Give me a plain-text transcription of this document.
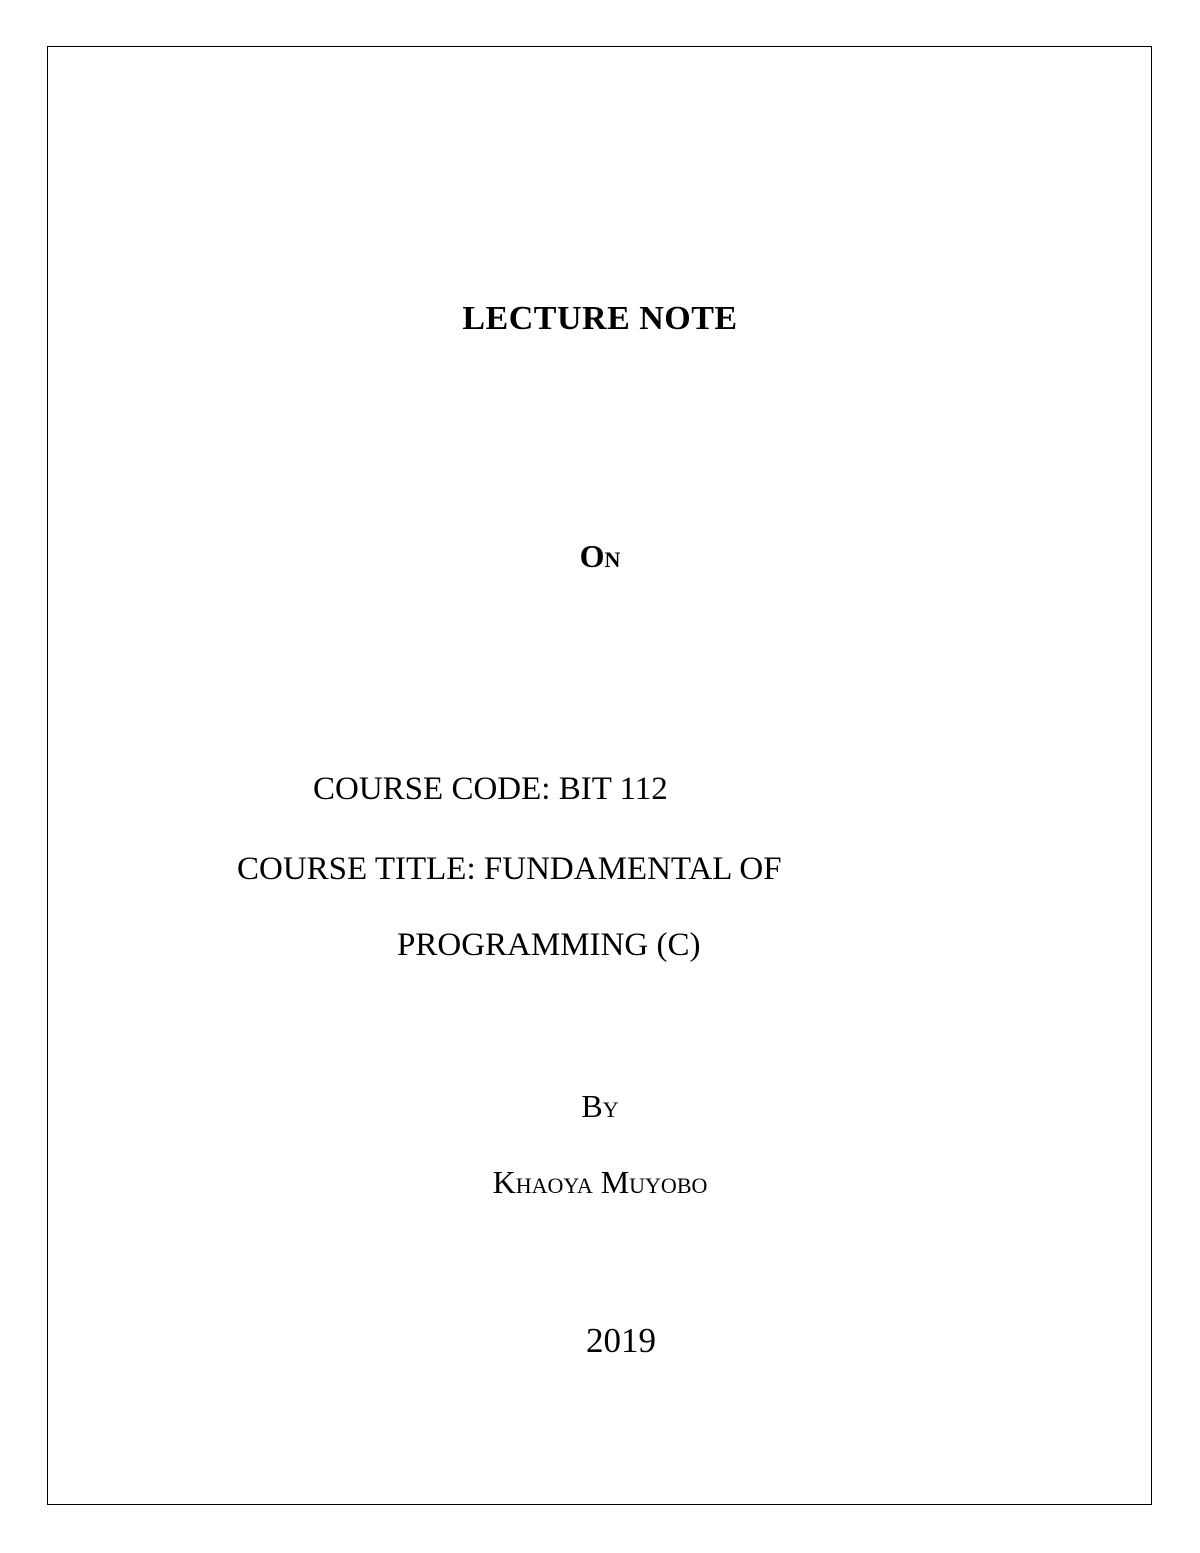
LECTURE NOTE
On
COURSE CODE: BIT 112
COURSE TITLE: FUNDAMENTAL OF
PROGRAMMING (C)
By
Khaoya Muyobo
2019
